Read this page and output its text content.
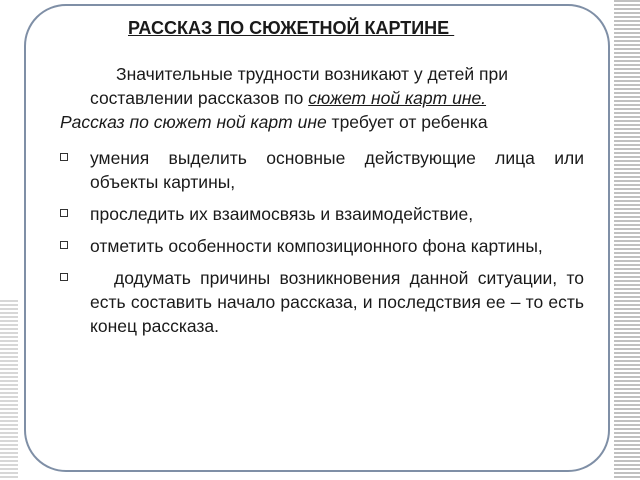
РАССКАЗ ПО СЮЖЕТНОЙ КАРТИНЕ
Значительные трудности возникают у детей при
составлении рассказов по сюжет ной карт ине.
Рассказ по сюжет ной карт ине требует от ребенка
умения выделить основные действующие лица или объекты картины,
проследить их взаимосвязь и взаимодействие,
отметить особенности композиционного фона картины,
додумать причины возникновения данной ситуации, то есть составить начало рассказа, и последствия ее – то есть конец рассказа.
